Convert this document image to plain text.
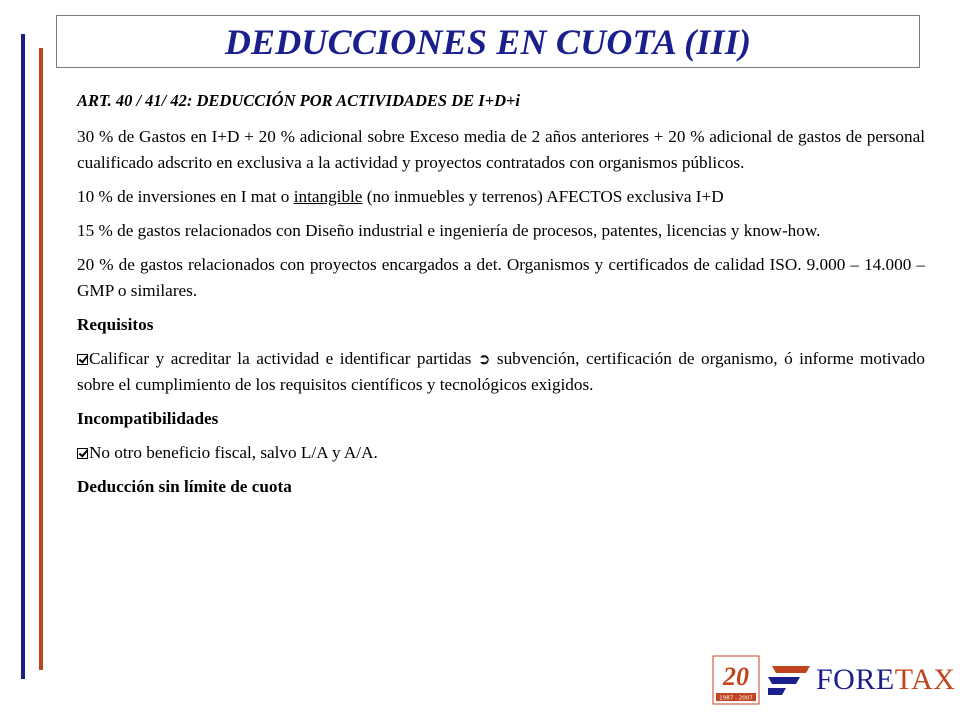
DEDUCCIONES EN CUOTA (III)
ART. 40 / 41/ 42: DEDUCCIÓN POR ACTIVIDADES DE I+D+i

30 % de Gastos en I+D + 20 % adicional sobre Exceso media de 2 años anteriores + 20 % adicional de gastos de personal cualificado adscrito en exclusiva a la actividad y proyectos contratados con organismos públicos.

10 % de inversiones en I mat o intangible (no inmuebles y terrenos) AFECTOS exclusiva I+D

15 % de gastos relacionados con Diseño industrial e ingeniería de procesos, patentes, licencias y know-how.

20 % de gastos relacionados con proyectos encargados a det. Organismos y certificados de calidad ISO. 9.000 – 14.000 – GMP o similares.

Requisitos

Calificar y acreditar la actividad e identificar partidas ➲ subvención, certificación de organismo, ó informe motivado sobre el cumplimiento de los requisitos científicos y tecnológicos exigidos.

Incompatibilidades

No otro beneficio fiscal, salvo L/A y A/A.

Deducción sin límite de cuota

20
1987 - 2007
FORETAX
